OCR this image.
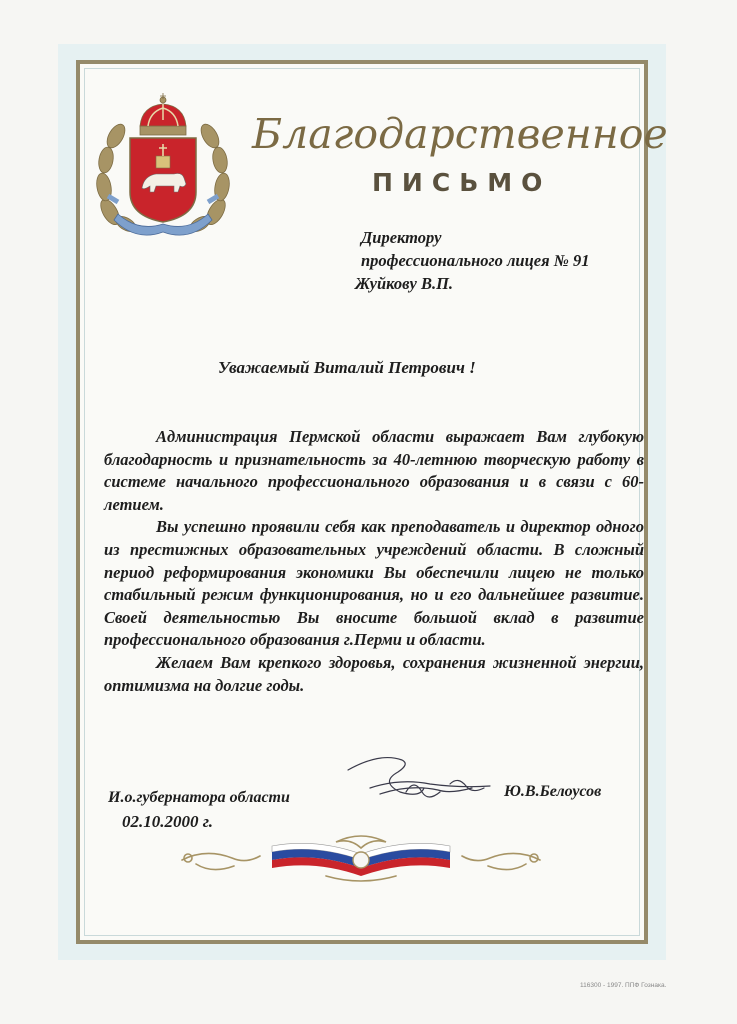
Благодарственное
ПИСЬМО
Директору
профессионального лицея № 91
Жуйкову В.П.
Уважаемый Виталий Петрович !

Администрация Пермской области выражает Вам глубокую благодарность и признательность за 40-летнюю творческую работу в системе начального профессионального образования и в связи с 60-летием.

Вы успешно проявили себя как преподаватель и директор одного из престижных образовательных учреждений области. В сложный период реформирования экономики Вы обеспечили лицею не только стабильный режим функционирования, но и его дальнейшее развитие. Своей деятельностью Вы вносите большой вклад в развитие профессионального образования г.Перми и области.

Желаем Вам крепкого здоровья, сохранения жизненной энергии, оптимизма на долгие годы.

И.о.губернатора области	Ю.В.Белоусов
02.10.2000 г.
116300 - 1997. ППФ Гознака.
